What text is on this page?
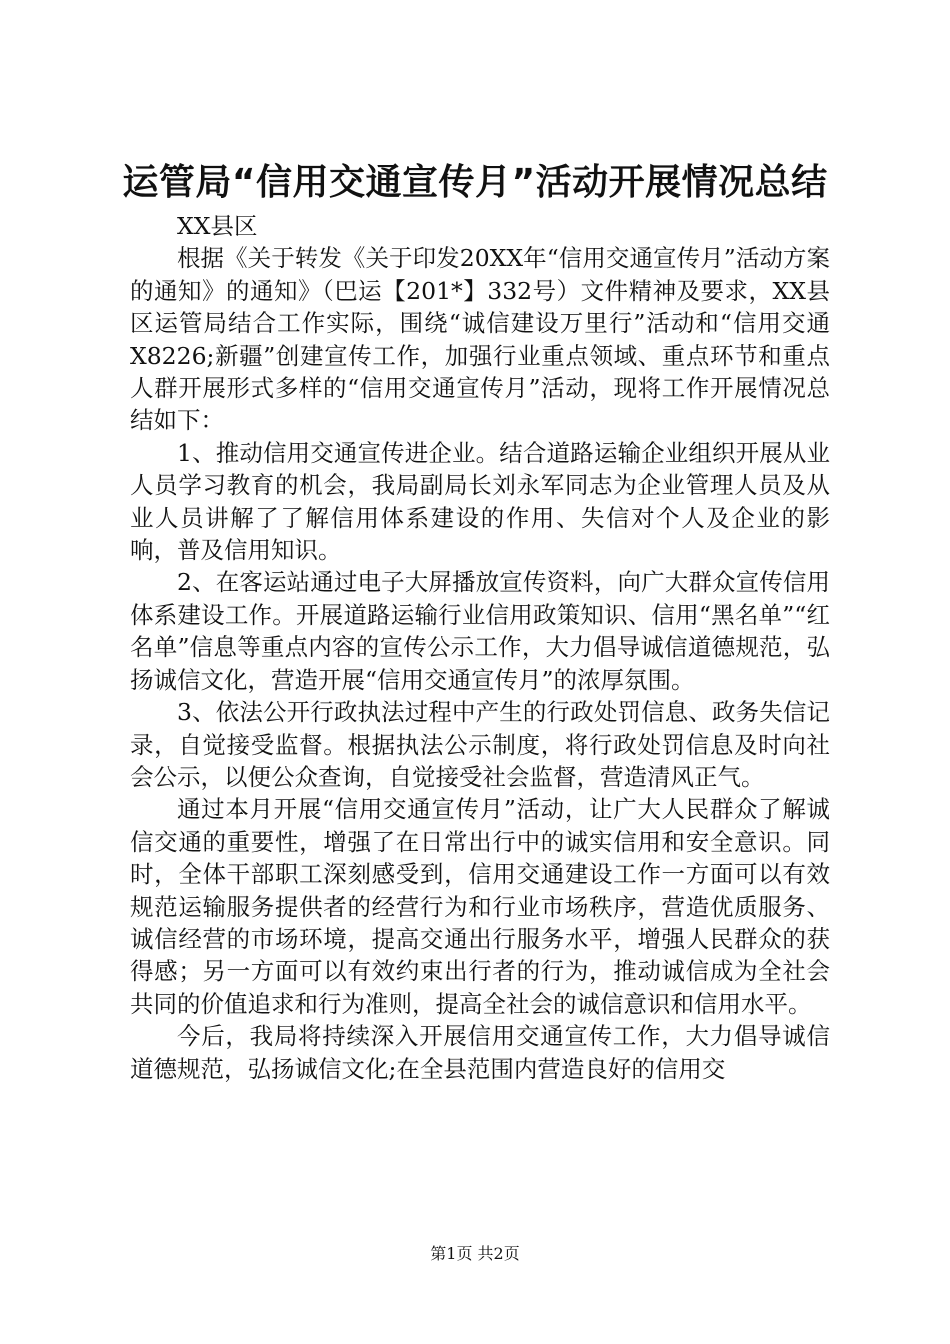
运管局“信用交通宣传月”活动开展情况总结

XX县区

根据《关于转发《关于印发20XX年“信用交通宣传月”活动方案的通知》的通知》（巴运【201*】332号）文件精神及要求，XX县区运管局结合工作实际，围绕“诚信建设万里行”活动和“信用交通X8226;新疆”创建宣传工作，加强行业重点领域、重点环节和重点人群开展形式多样的“信用交通宣传月”活动，现将工作开展情况总结如下：

1、推动信用交通宣传进企业。结合道路运输企业组织开展从业人员学习教育的机会，我局副局长刘永军同志为企业管理人员及从业人员讲解了了解信用体系建设的作用、失信对个人及企业的影响，普及信用知识。

2、在客运站通过电子大屏播放宣传资料，向广大群众宣传信用体系建设工作。开展道路运输行业信用政策知识、信用“黑名单”“红名单”信息等重点内容的宣传公示工作，大力倡导诚信道德规范，弘扬诚信文化，营造开展“信用交通宣传月”的浓厚氛围。

3、依法公开行政执法过程中产生的行政处罚信息、政务失信记录，自觉接受监督。根据执法公示制度，将行政处罚信息及时向社会公示，以便公众查询，自觉接受社会监督，营造清风正气。

通过本月开展“信用交通宣传月”活动，让广大人民群众了解诚信交通的重要性，增强了在日常出行中的诚实信用和安全意识。同时，全体干部职工深刻感受到，信用交通建设工作一方面可以有效规范运输服务提供者的经营行为和行业市场秩序，营造优质服务、诚信经营的市场环境，提高交通出行服务水平，增强人民群众的获得感；另一方面可以有效约束出行者的行为，推动诚信成为全社会共同的价值追求和行为准则，提高全社会的诚信意识和信用水平。

今后，我局将持续深入开展信用交通宣传工作，大力倡导诚信道德规范，弘扬诚信文化;在全县范围内营造良好的信用交

第1页 共2页
